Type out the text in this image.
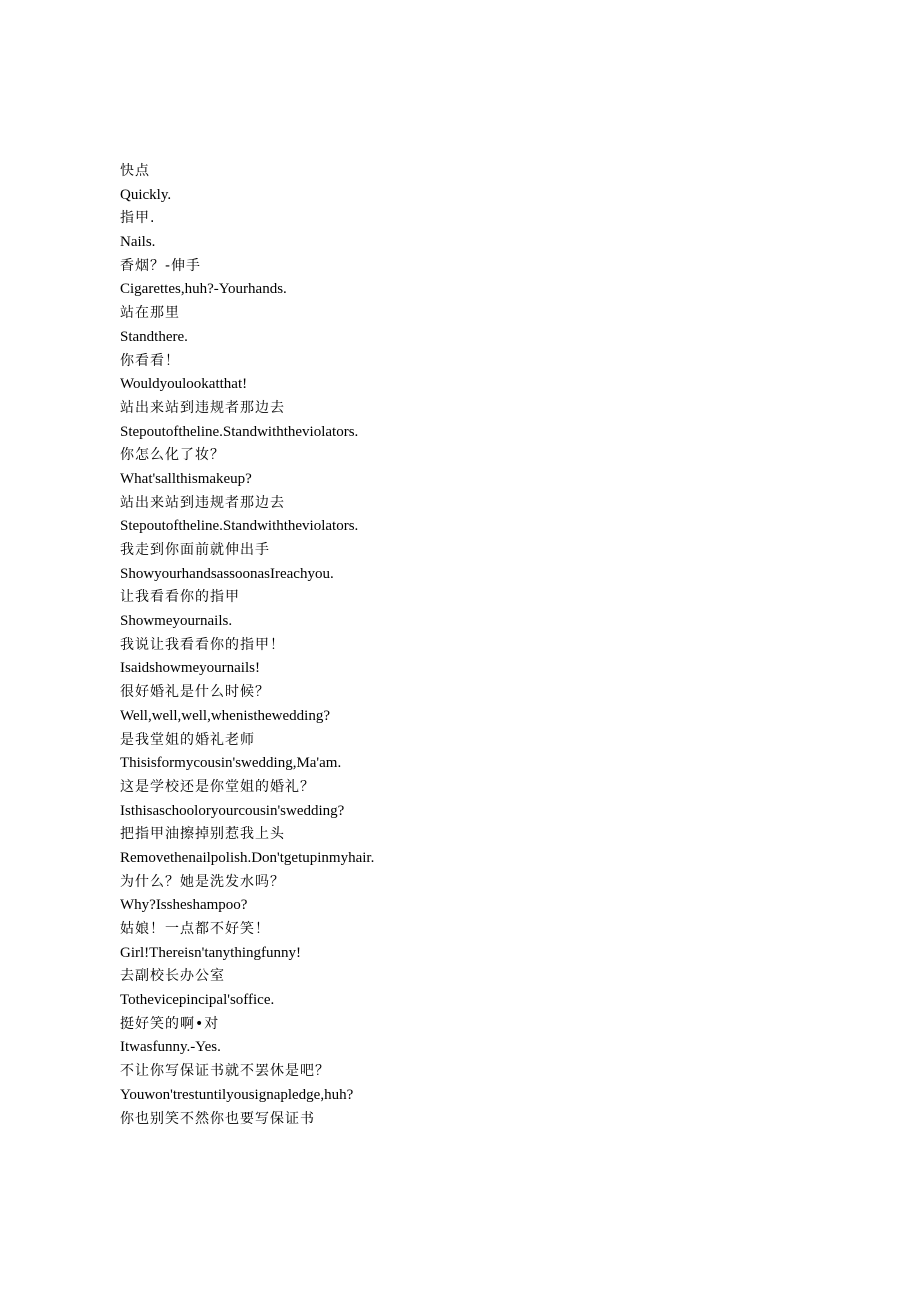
快点
Quickly.
指甲.
Nails.
香烟？-伸手
Cigarettes,huh?-Yourhands.
站在那里
Standthere.
你看看！
Wouldyoulookatthat!
站出来站到违规者那边去
Stepoutoftheline.Standwiththeviolators.
你怎么化了妆？
What'sallthismakeup?
站出来站到违规者那边去
Stepoutoftheline.Standwiththeviolators.
我走到你面前就伸出手
ShowyourhandsassoonasIreachyou.
让我看看你的指甲
Showmeyournails.
我说让我看看你的指甲！
Isaidshowmeyournails!
很好婚礼是什么时候？
Well,well,well,whenisthewedding?
是我堂姐的婚礼老师
Thisisformycousin'swedding,Ma'am.
这是学校还是你堂姐的婚礼？
Isthisaschooloryourcousin'swedding?
把指甲油擦掉别惹我上头
Removethenailpolish.Don'tgetupinmyhair.
为什么？她是洗发水吗？
Why?Issheshampoo?
姑娘！一点都不好笑！
Girl!Thereisn'tanythingfunny!
去副校长办公室
Tothevicepincipal'soffice.
挺好笑的啊•对
Itwasfunny.-Yes.
不让你写保证书就不罢休是吧？
Youwon'trestuntilyousignapledge,huh?
你也别笑不然你也要写保证书
